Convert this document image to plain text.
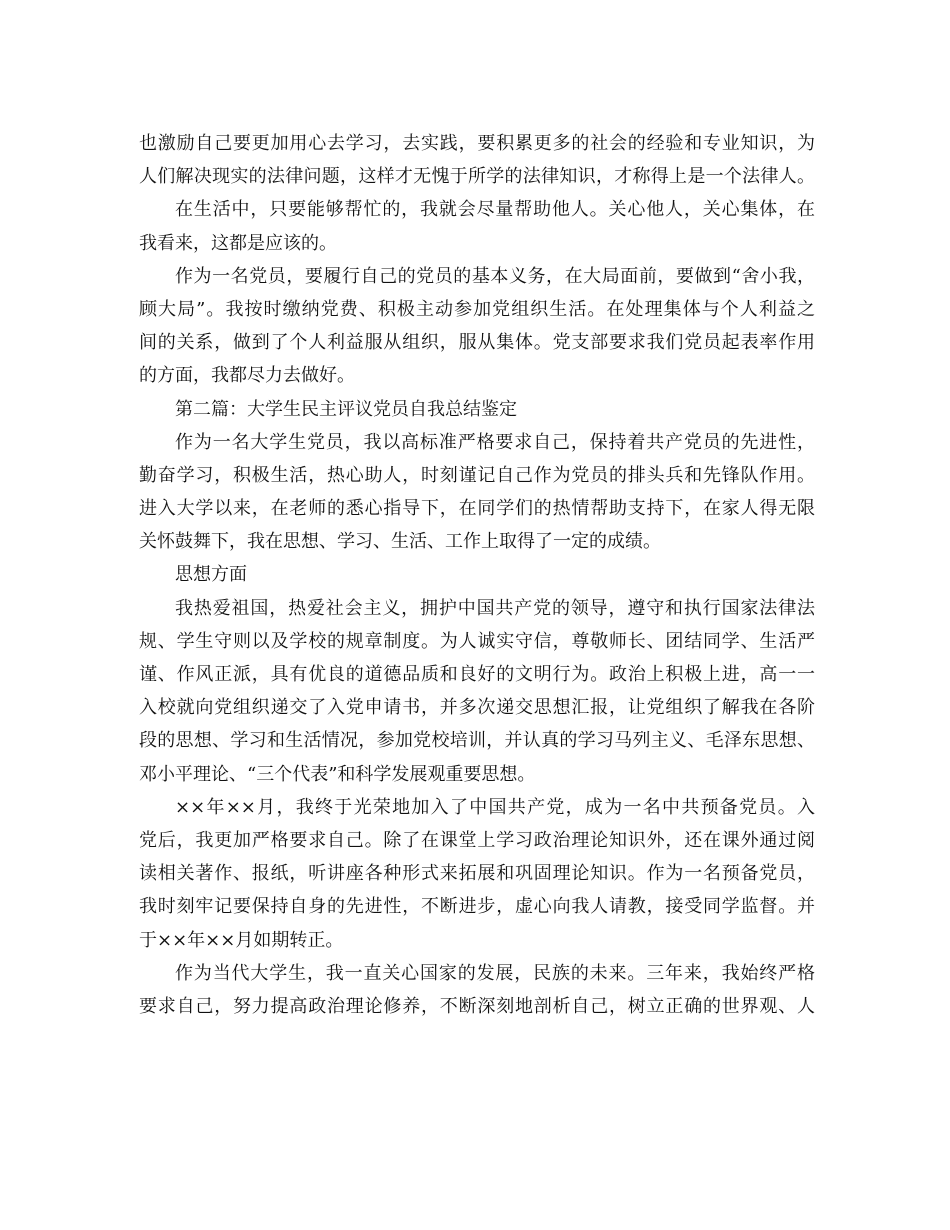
也激励自己要更加用心去学习，去实践，要积累更多的社会的经验和专业知识，为
人们解决现实的法律问题，这样才无愧于所学的法律知识，才称得上是一个法律人。
在生活中，只要能够帮忙的，我就会尽量帮助他人。关心他人，关心集体，在
我看来，这都是应该的。
作为一名党员，要履行自己的党员的基本义务，在大局面前，要做到“舍小我，
顾大局”。我按时缴纳党费、积极主动参加党组织生活。在处理集体与个人利益之
间的关系，做到了个人利益服从组织，服从集体。党支部要求我们党员起表率作用
的方面，我都尽力去做好。
第二篇：大学生民主评议党员自我总结鉴定
作为一名大学生党员，我以高标准严格要求自己，保持着共产党员的先进性，
勤奋学习，积极生活，热心助人，时刻谨记自己作为党员的排头兵和先锋队作用。
进入大学以来，在老师的悉心指导下，在同学们的热情帮助支持下，在家人得无限
关怀鼓舞下，我在思想、学习、生活、工作上取得了一定的成绩。
思想方面
我热爱祖国，热爱社会主义，拥护中国共产党的领导，遵守和执行国家法律法
规、学生守则以及学校的规章制度。为人诚实守信，尊敬师长、团结同学、生活严
谨、作风正派，具有优良的道德品质和良好的文明行为。政治上积极上进，高一一
入校就向党组织递交了入党申请书，并多次递交思想汇报，让党组织了解我在各阶
段的思想、学习和生活情况，参加党校培训，并认真的学习马列主义、毛泽东思想、
邓小平理论、“三个代表”和科学发展观重要思想。
××年××月，我终于光荣地加入了中国共产党，成为一名中共预备党员。入
党后，我更加严格要求自己。除了在课堂上学习政治理论知识外，还在课外通过阅
读相关著作、报纸，听讲座各种形式来拓展和巩固理论知识。作为一名预备党员，
我时刻牢记要保持自身的先进性，不断进步，虚心向我人请教，接受同学监督。并
于××年××月如期转正。
作为当代大学生，我一直关心国家的发展，民族的未来。三年来，我始终严格
要求自己，努力提高政治理论修养，不断深刻地剖析自己，树立正确的世界观、人
